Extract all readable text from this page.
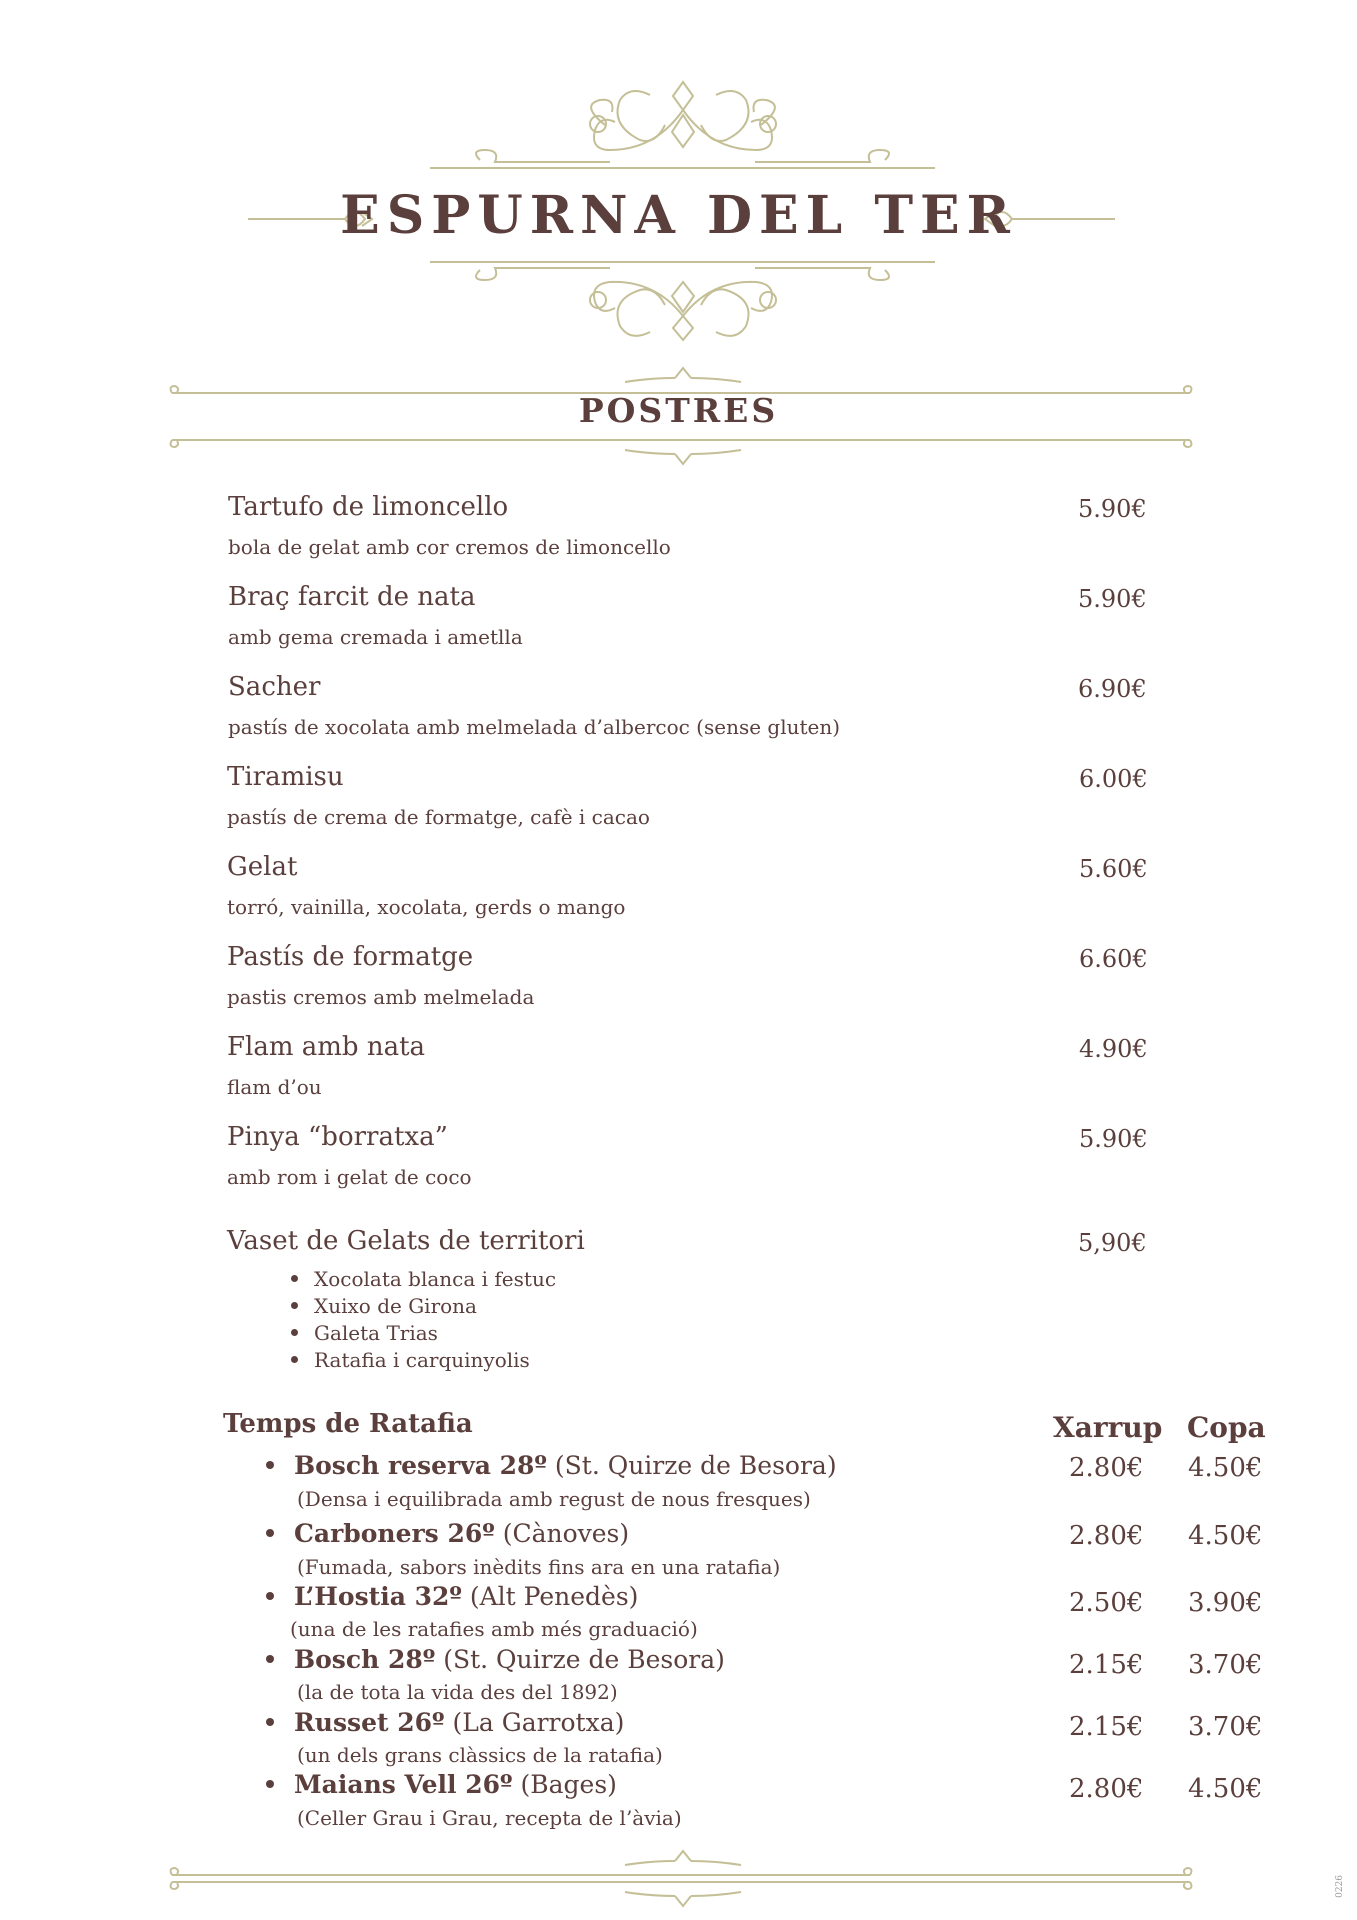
ESPURNA DEL TER
POSTRES
Tartufo de limoncello
bola de gelat amb cor cremos de limoncello
5.90€
Braç farcit de nata
amb gema cremada i ametlla
5.90€
Sacher
pastís de xocolata amb melmelada d’albercoc (sense gluten)
6.90€
Tiramisu
pastís de crema de formatge, cafè i cacao
6.00€
Gelat
torró, vainilla, xocolata, gerds o mango
5.60€
Pastís de formatge
pastis cremos amb melmelada
6.60€
Flam amb nata
flam d’ou
4.90€
Pinya “borratxa”
amb rom i gelat de coco
5.90€
Vaset de Gelats de territori	5,90€
Xocolata blanca i festuc
Xuixo de Girona
Galeta Trias
Ratafia i carquinyolis
Temps de Ratafia	Xarrup Copa
Bosch reserva 28º (St. Quirze de Besora)
(Densa i equilibrada amb regust de nous fresques)
2.80€ 4.50€
Carboners 26º (Cànoves)
(Fumada, sabors inèdits fins ara en una ratafia)
2.80€ 4.50€
L’Hostia 32º (Alt Penedès)
(una de les ratafies amb més graduació)
2.50€ 3.90€
Bosch 28º (St. Quirze de Besora)
(la de tota la vida des del 1892)
2.15€ 3.70€
Russet 26º (La Garrotxa)
(un dels grans clàssics de la ratafia)
2.15€ 3.70€
Maians Vell 26º (Bages)
(Celler Grau i Grau, recepta de l’àvia)
2.80€ 4.50€
0226
